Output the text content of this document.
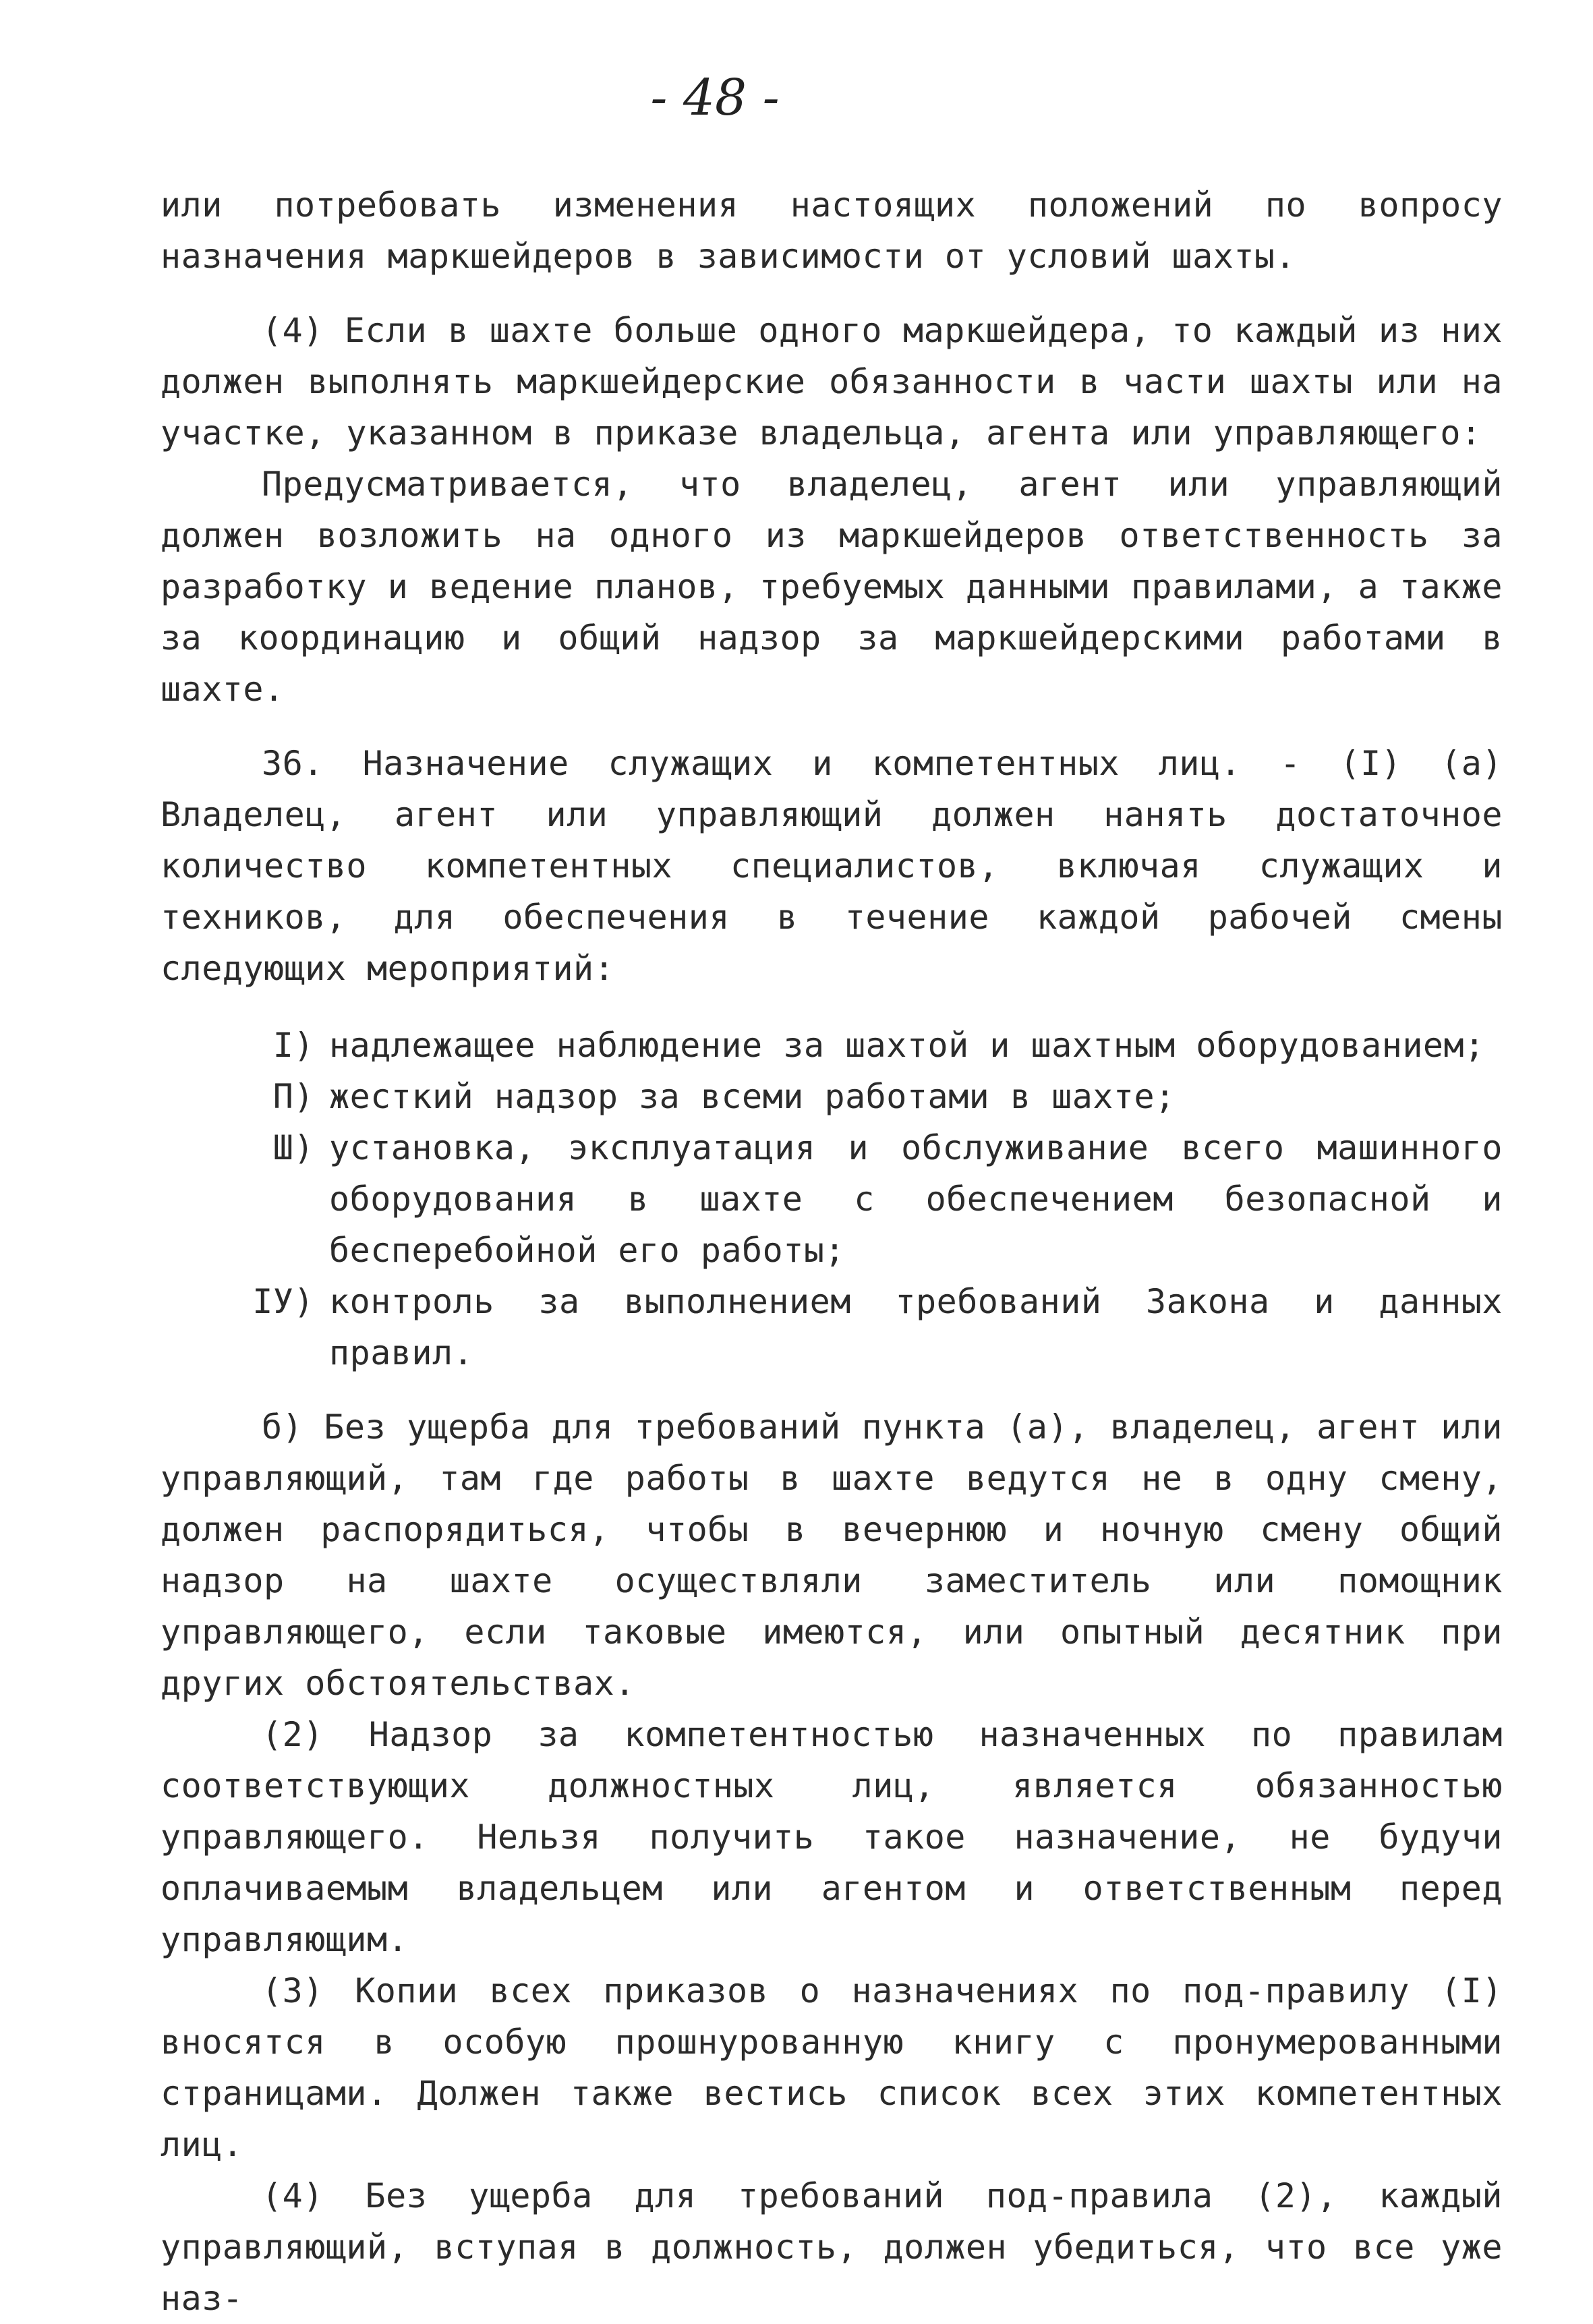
- 48 -

или потребовать изменения настоящих положений по вопросу назначения маркшейдеров в зависимости от условий шахты.

(4) Если в шахте больше одного маркшейдера, то каждый из них должен выполнять маркшейдерские обязанности в части шахты или на участке, указанном в приказе владельца, агента или управляющего:

Предусматривается, что владелец, агент или управляющий должен возложить на одного из маркшейдеров ответственность за разработку и ведение планов, требуемых данными правилами, а также за координацию и общий надзор за маркшейдерскими работами в шахте.

36. Назначение служащих и компетентных лиц. - (I) (а) Владелец, агент или управляющий должен нанять достаточное количество компетентных специалистов, включая служащих и техников, для обеспечения в течение каждой рабочей смены следующих мероприятий:

I) надлежащее наблюдение за шахтой и шахтным оборудованием;
П) жесткий надзор за всеми работами в шахте;
Ш) установка, эксплуатация и обслуживание всего машинного оборудования в шахте с обеспечением безопасной и бесперебойной его работы;
IУ) контроль за выполнением требований Закона и данных правил.

б) Без ущерба для требований пункта (а), владелец, агент или управляющий, там где работы в шахте ведутся не в одну смену, должен распорядиться, чтобы в вечернюю и ночную смену общий надзор на шахте осуществляли заместитель или помощник управляющего, если таковые имеются, или опытный десятник при других обстоятельствах.

(2) Надзор за компетентностью назначенных по правилам соответствующих должностных лиц, является обязанностью управляющего. Нельзя получить такое назначение, не будучи оплачиваемым владельцем или агентом и ответственным перед управляющим.

(3) Копии всех приказов о назначениях по под-правилу (I) вносятся в особую прошнурованную книгу с пронумерованными страницами. Должен также вестись список всех этих компетентных лиц.

(4) Без ущерба для требований под-правила (2), каждый управляющий, вступая в должность, должен убедиться, что все уже наз-
